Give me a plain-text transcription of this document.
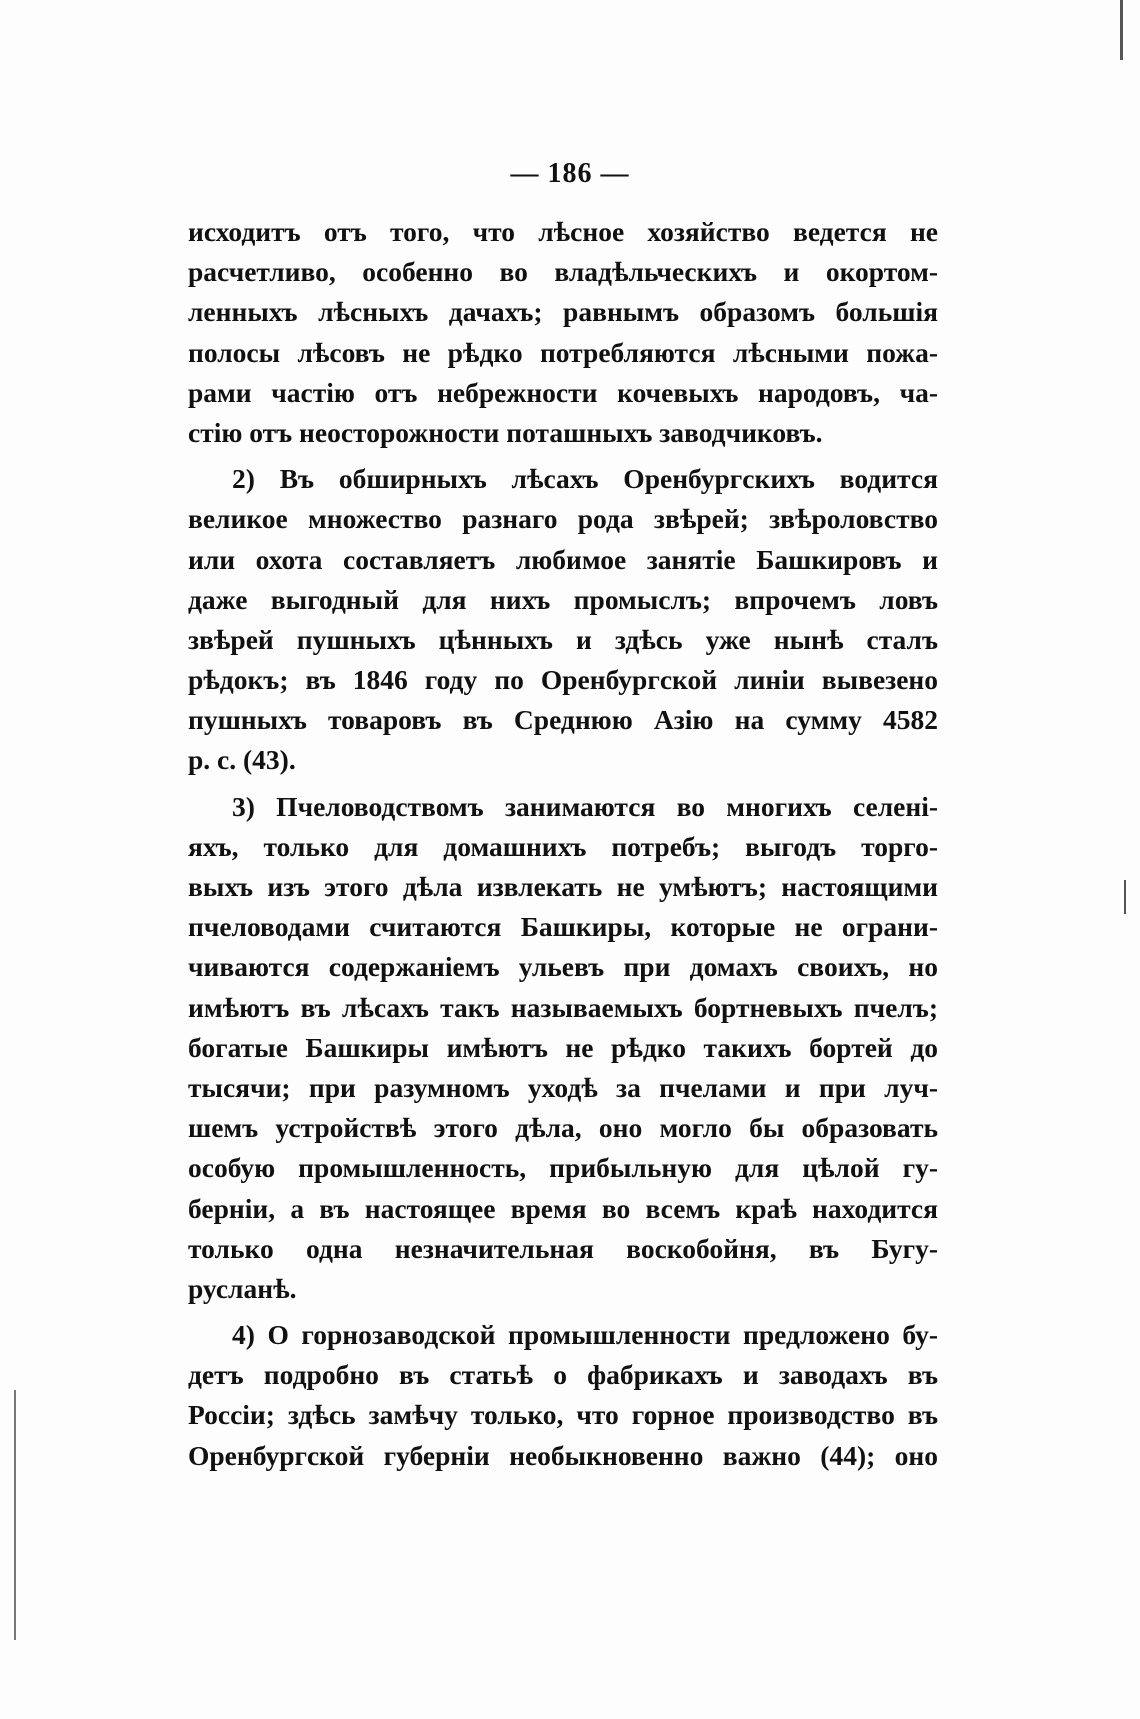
— 186 —
исходитъ отъ того, что лѣсное хозяйство ведется не
расчетливо, особенно во владѣльческихъ и окортом-
ленныхъ лѣсныхъ дачахъ; равнымъ образомъ большія
полосы лѣсовъ не рѣдко потребляются лѣсными пожа-
рами частію отъ небрежности кочевыхъ народовъ, ча-
стію отъ неосторожности поташныхъ заводчиковъ.
2) Въ обширныхъ лѣсахъ Оренбургскихъ водится
великое множество разнаго рода звѣрей; звѣроловство
или охота составляетъ любимое занятіе Башкировъ и
даже выгодный для нихъ промыслъ; впрочемъ ловъ
звѣрей пушныхъ цѣнныхъ и здѣсь уже нынѣ сталъ
рѣдокъ; въ 1846 году по Оренбургской линіи вывезено
пушныхъ товаровъ въ Среднюю Азію на сумму 4582
р. с. (43).
3) Пчеловодствомъ занимаются во многихъ селені-
яхъ, только для домашнихъ потребъ; выгодъ торго-
выхъ изъ этого дѣла извлекать не умѣютъ; настоящими
пчеловодами считаются Башкиры, которые не ограни-
чиваются содержаніемъ ульевъ при домахъ своихъ, но
имѣютъ въ лѣсахъ такъ называемыхъ бортневыхъ пчелъ;
богатые Башкиры имѣютъ не рѣдко такихъ бортей до
тысячи; при разумномъ уходѣ за пчелами и при луч-
шемъ устройствѣ этого дѣла, оно могло бы образовать
особую промышленность, прибыльную для цѣлой гу-
берніи, а въ настоящее время во всемъ краѣ находится
только одна незначительная воскобойня, въ Бугу-
русланѣ.
4) О горнозаводской промышленности предложено бу-
детъ подробно въ статьѣ о фабрикахъ и заводахъ въ
Россіи; здѣсь замѣчу только, что горное производство въ
Оренбургской губерніи необыкновенно важно (44); оно
